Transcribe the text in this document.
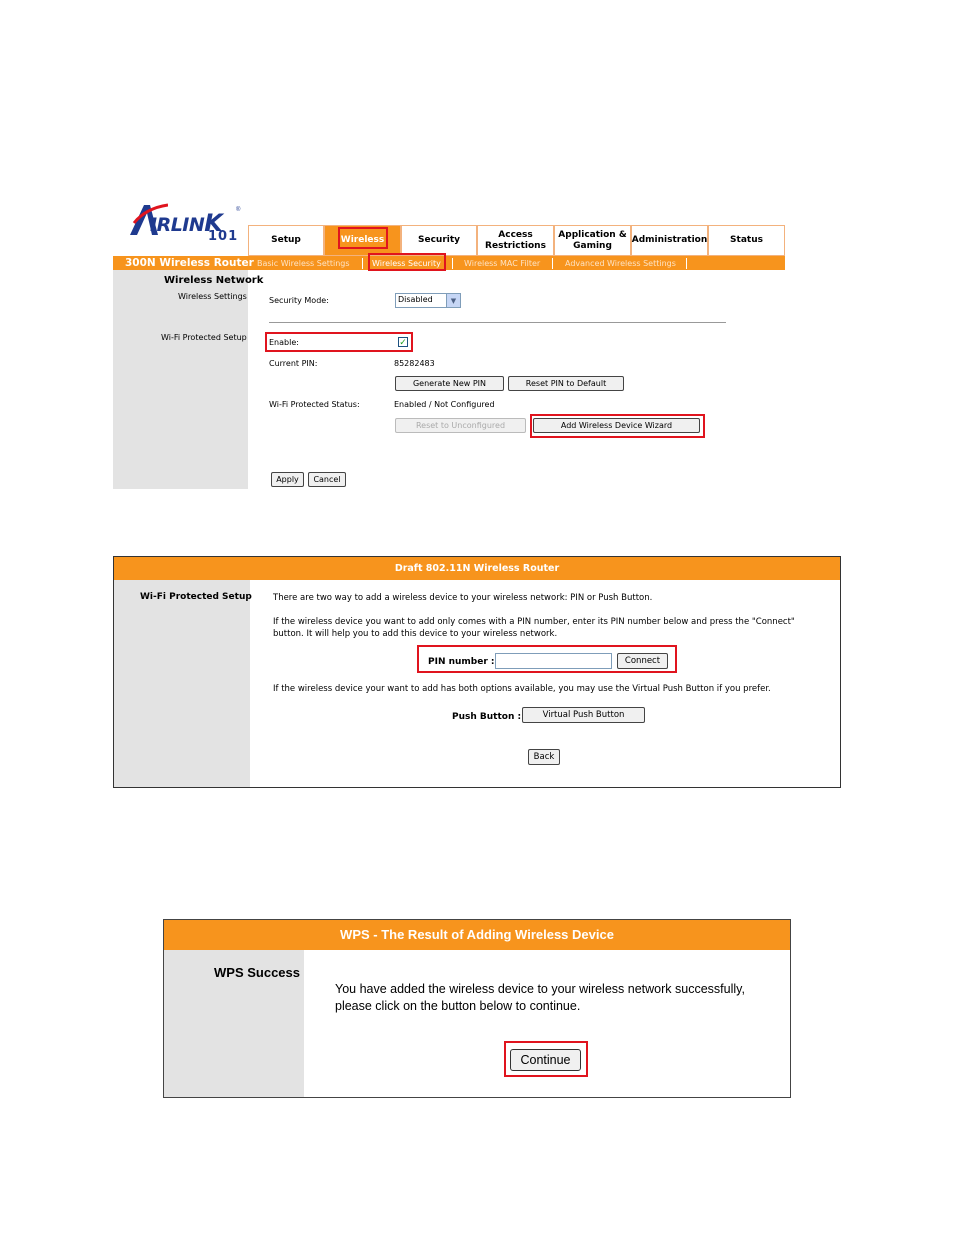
IRLINK ®
101	Setup	Wireless	Security
Access Restrictions
Application & Gaming
Administration	Status
300N Wireless Router Basic Wireless Settings	Wireless Security	Wireless MAC Filter	Advanced Wireless Settings
Wireless Network
Wireless Settings
Wi-Fi Protected Setup
Security Mode:	Disabled	▼
Enable:	✓
Current PIN:	85282483
Generate New PIN	Reset PIN to Default
Wi-Fi Protected Status:	Enabled / Not Configured
Reset to Unconfigured	Add Wireless Device Wizard
Apply	Cancel
Draft 802.11N Wireless Router
Wi-Fi Protected Setup There are two way to add a wireless device to your wireless network: PIN or Push Button.
If the wireless device you want to add only comes with a PIN number, enter its PIN number below and press the "Connect"
button. It will help you to add this device to your wireless network.
PIN number :	Connect
If the wireless device your want to add has both options available, you may use the Virtual Push Button if you prefer.
Push Button :	Virtual Push Button
Back
WPS - The Result of Adding Wireless Device
WPS Success
You have added the wireless device to your wireless network successfully,
please click on the button below to continue.
Continue
